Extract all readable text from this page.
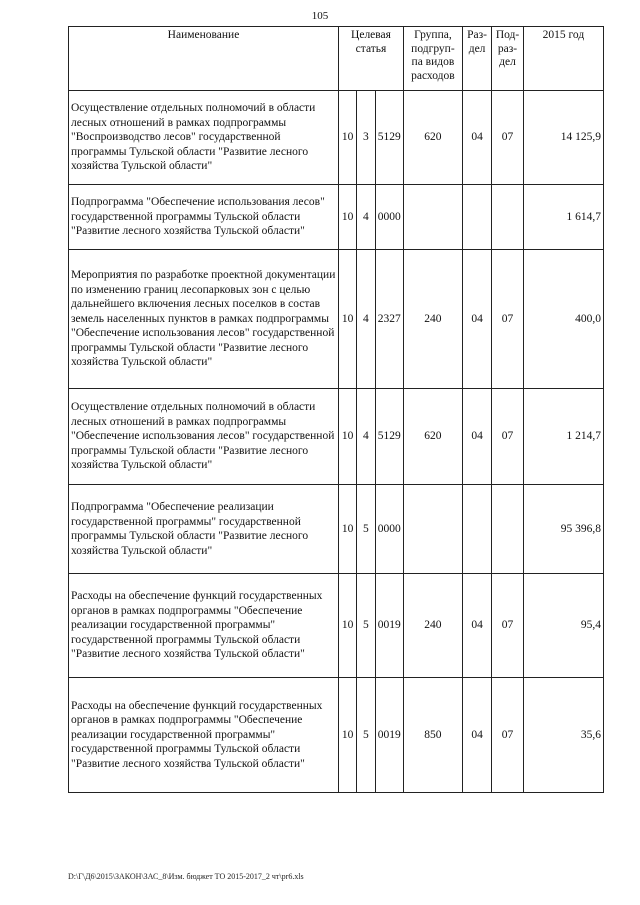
105
Наименование	Целевая статья			Группа, подгруп-па видов расходов	Раз-дел	Под-раз-дел	2015 год
Осуществление отдельных полномочий в области лесных отношений в рамках подпрограммы "Воспроизводство лесов" государственной программы Тульской области "Развитие лесного хозяйства Тульской области"	10	3	5129	620	04	07	14 125,9
Подпрограмма "Обеспечение использования лесов" государственной программы Тульской области "Развитие лесного хозяйства Тульской области"	10	4	0000				1 614,7
Мероприятия по разработке проектной документации по изменению границ лесопарковых зон с целью дальнейшего включения лесных поселков в состав земель населенных пунктов в рамках подпрограммы "Обеспечение использования лесов" государственной программы Тульской области "Развитие лесного хозяйства Тульской области"	10	4	2327	240	04	07	400,0
Осуществление отдельных полномочий в области лесных отношений в рамках подпрограммы "Обеспечение использования лесов" государственной программы Тульской области "Развитие лесного хозяйства Тульской области"	10	4	5129	620	04	07	1 214,7
Подпрограмма "Обеспечение реализации государственной программы" государственной программы Тульской области "Развитие лесного хозяйства Тульской области"	10	5	0000				95 396,8
Расходы на обеспечение функций государственных органов в рамках подпрограммы "Обеспечение реализации государственной программы" государственной программы Тульской области "Развитие лесного хозяйства Тульской области"	10	5	0019	240	04	07	95,4
Расходы на обеспечение функций государственных органов в рамках подпрограммы "Обеспечение реализации государственной программы" государственной программы Тульской области "Развитие лесного хозяйства Тульской области"	10	5	0019	850	04	07	35,6
D:\Г\Д6\2015\ЗАКОН\ЗАС_8\Изм. бюджет ТО 2015-2017_2 чт\pr6.xls
